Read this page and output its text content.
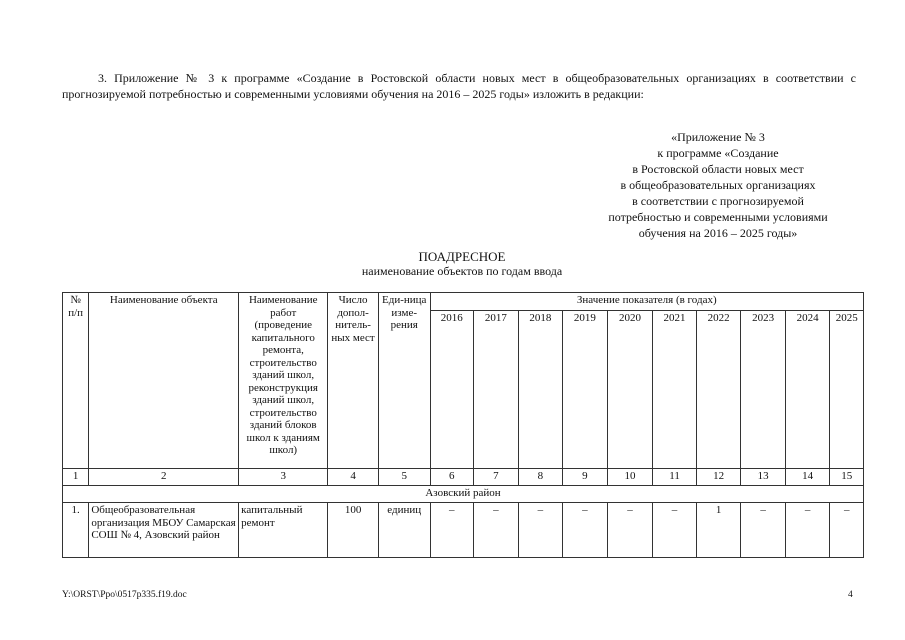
3. Приложение № 3 к программе «Создание в Ростовской области новых мест в общеобразовательных организациях в соответствии с прогнозируемой потребностью и современными условиями обучения на 2016 – 2025 годы» изложить в редакции:
«Приложение № 3
к программе «Создание
в Ростовской области новых мест
в общеобразовательных организациях
в соответствии с прогнозируемой
потребностью и современными условиями
обучения на 2016 – 2025 годы»
ПОАДРЕСНОЕ
наименование объектов по годам ввода
№ п/п	Наименование объекта	Наименование работ (проведение капитального ремонта, строительство зданий школ, реконструкция зданий школ, строительство зданий блоков школ к зданиям школ)	Число допол-нитель-ных мест	Еди-ница изме-рения	Значение показателя (в годах)									
					2016	2017	2018	2019	2020	2021	2022	2023	2024	2025
1	2	3	4	5	6	7	8	9	10	11	12	13	14	15
Азовский район														
1.	Общеобразовательная организация МБОУ Самарская СОШ № 4, Азовский район	капитальный ремонт	100	единиц	–	–	–	–	–	–	1	–	–	–
Y:\ORST\Ppo\0517p335.f19.doc	4
